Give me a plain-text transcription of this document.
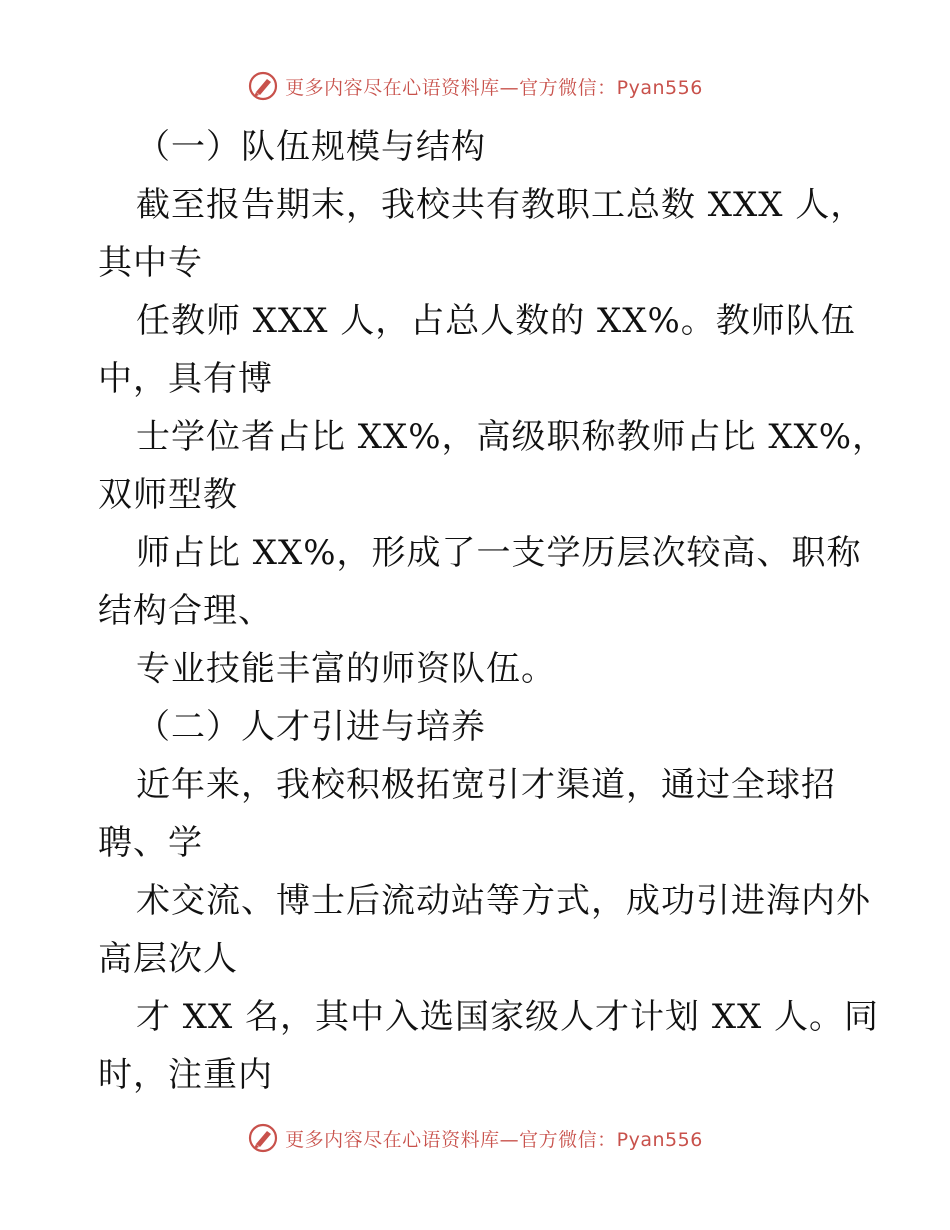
更多内容尽在心语资料库—官方微信：Pyan556
（一）队伍规模与结构
截至报告期末，我校共有教职工总数 XXX 人，
其中专
任教师 XXX 人，占总人数的 XX%。教师队伍
中，具有博
士学位者占比 XX%，高级职称教师占比 XX%，
双师型教
师占比 XX%，形成了一支学历层次较高、职称
结构合理、
专业技能丰富的师资队伍。
（二）人才引进与培养
近年来，我校积极拓宽引才渠道，通过全球招
聘、学
术交流、博士后流动站等方式，成功引进海内外
高层次人
才 XX 名，其中入选国家级人才计划 XX 人。同
时，注重内
更多内容尽在心语资料库—官方微信：Pyan556
